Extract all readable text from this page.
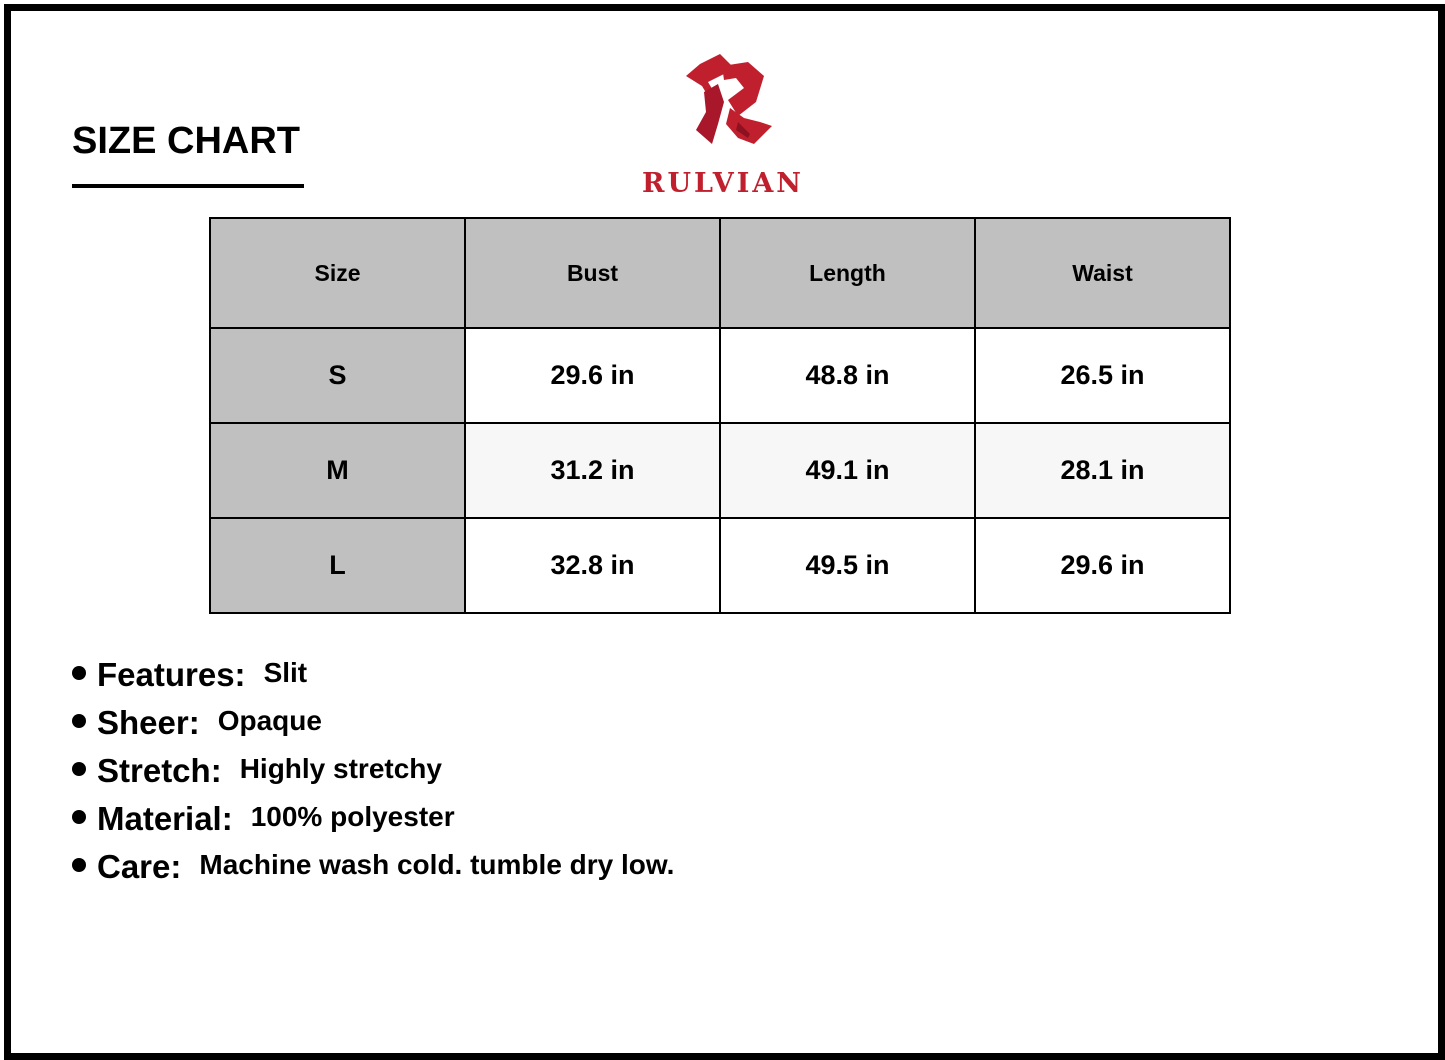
SIZE CHART
RULVIAN
Size	Bust	Length	Waist
S	29.6 in	48.8 in	26.5 in
M	31.2 in	49.1 in	28.1 in
L	32.8 in	49.5 in	29.6 in
Features: Slit
Sheer: Opaque
Stretch: Highly stretchy
Material: 100% polyester
Care: Machine wash cold. tumble dry low.
